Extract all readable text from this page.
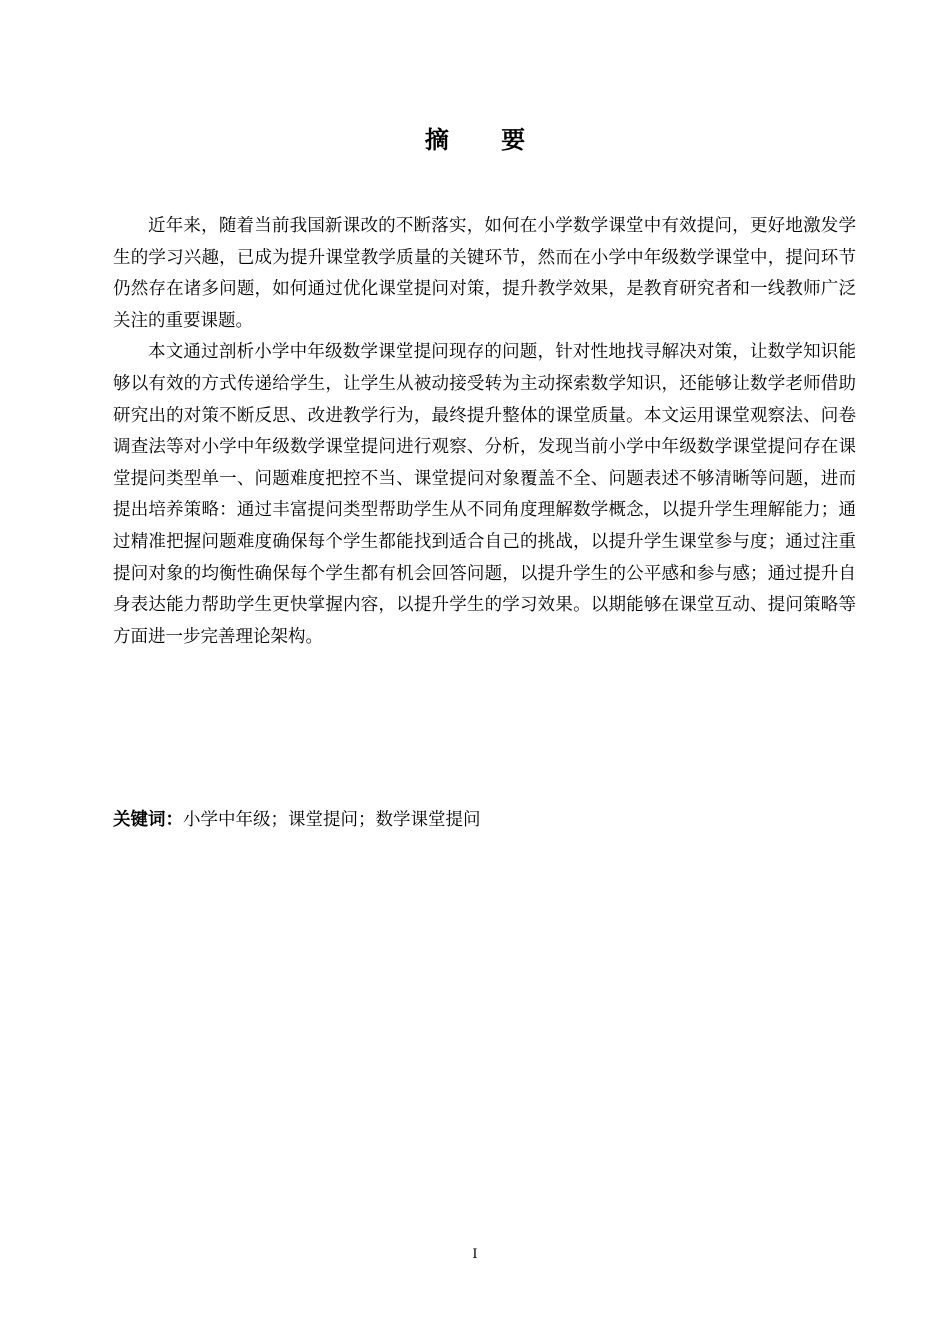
摘 要

近年来，随着当前我国新课改的不断落实，如何在小学数学课堂中有效提问，更好地激发学生的学习兴趣，已成为提升课堂教学质量的关键环节，然而在小学中年级数学课堂中，提问环节仍然存在诸多问题，如何通过优化课堂提问对策，提升教学效果，是教育研究者和一线教师广泛关注的重要课题。

本文通过剖析小学中年级数学课堂提问现存的问题，针对性地找寻解决对策，让数学知识能够以有效的方式传递给学生，让学生从被动接受转为主动探索数学知识，还能够让数学老师借助研究出的对策不断反思、改进教学行为，最终提升整体的课堂质量。本文运用课堂观察法、问卷调查法等对小学中年级数学课堂提问进行观察、分析，发现当前小学中年级数学课堂提问存在课堂提问类型单一、问题难度把控不当、课堂提问对象覆盖不全、问题表述不够清晰等问题，进而提出培养策略：通过丰富提问类型帮助学生从不同角度理解数学概念，以提升学生理解能力；通过精准把握问题难度确保每个学生都能找到适合自己的挑战，以提升学生课堂参与度；通过注重提问对象的均衡性确保每个学生都有机会回答问题，以提升学生的公平感和参与感；通过提升自身表达能力帮助学生更快掌握内容，以提升学生的学习效果。以期能够在课堂互动、提问策略等方面进一步完善理论架构。

关键词：小学中年级；课堂提问；数学课堂提问
I
